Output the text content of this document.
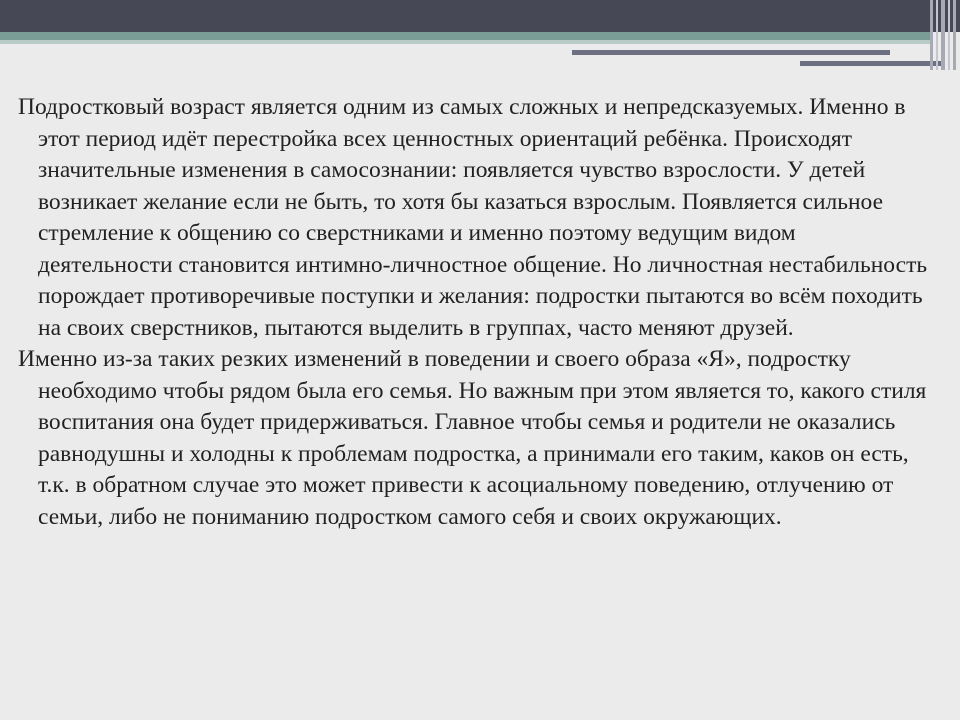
Подростковый возраст является одним из самых сложных и непредсказуемых. Именно в этот период идёт перестройка всех ценностных ориентаций ребёнка. Происходят значительные изменения в самосознании: появляется чувство взрослости. У детей возникает желание если не быть, то хотя бы казаться взрослым. Появляется сильное стремление к общению со сверстниками и именно поэтому ведущим видом деятельности становится интимно-личностное общение. Но личностная нестабильность порождает противоречивые поступки и желания: подростки пытаются во всём походить на своих сверстников, пытаются выделить в группах, часто меняют друзей.

Именно из-за таких резких изменений в поведении и своего образа «Я», подростку необходимо чтобы рядом была его семья. Но важным при этом является то, какого стиля воспитания она будет придерживаться. Главное чтобы семья и родители не оказались равнодушны и холодны к проблемам подростка, а принимали его таким, каков он есть, т.к. в обратном случае это может привести к асоциальному поведению, отлучению от семьи, либо не пониманию подростком самого себя и своих окружающих.
